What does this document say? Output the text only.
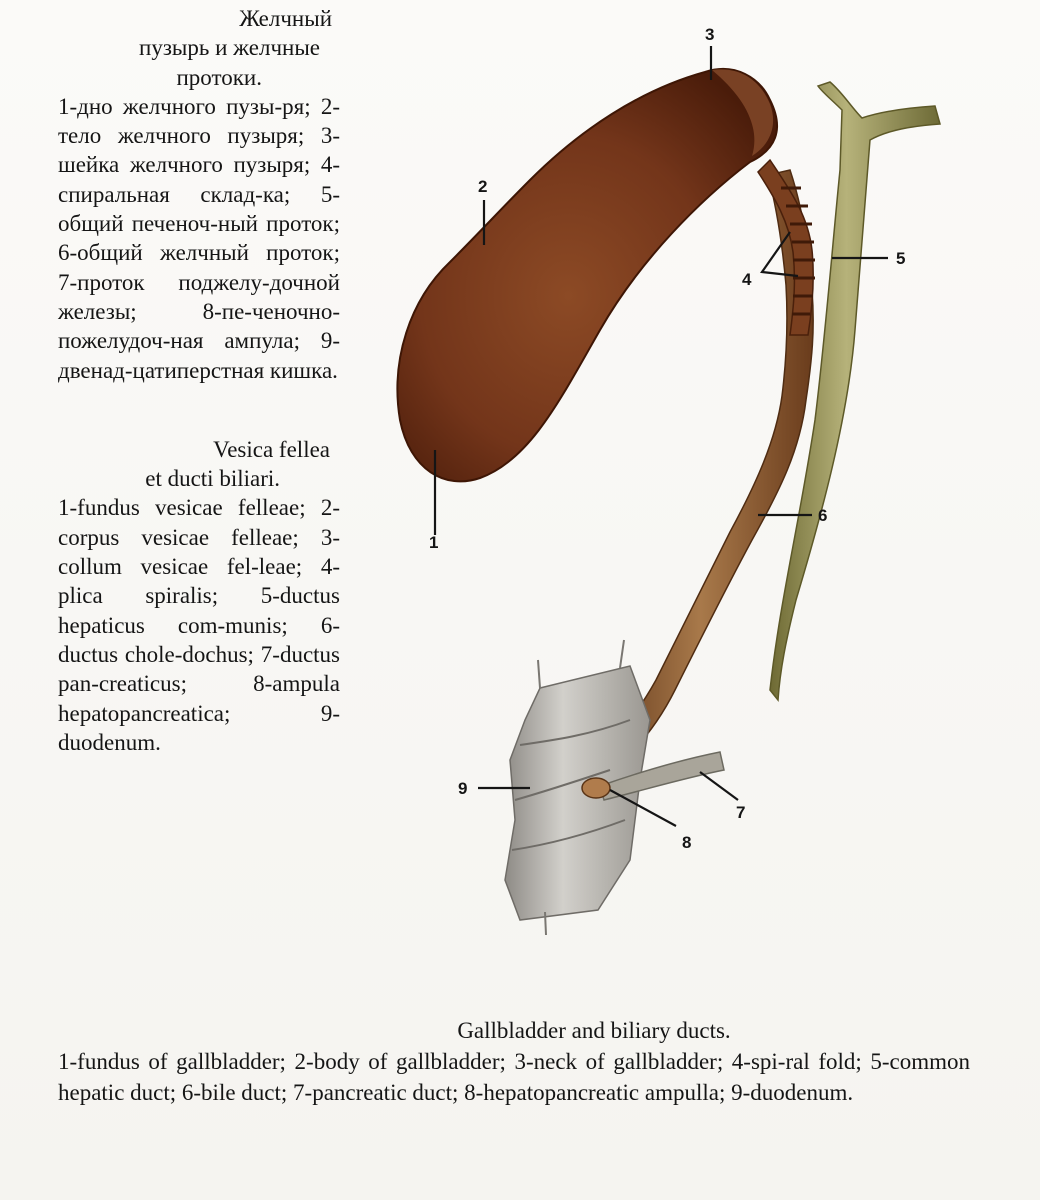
Желчный
пузырь и желчные
протоки.
1-дно желчного пузы-ря; 2-тело желчного пузыря; 3-шейка желчного пузыря; 4-спиральная склад-ка; 5-общий печеноч-ный проток; 6-общий желчный проток; 7-проток поджелу-дочной железы; 8-пе-ченочно-пожелудоч-ная ампула; 9-двенад-цатиперстная кишка.
Vesica fellea
et ducti biliari.
1-fundus vesicae felleae; 2-corpus vesicae felleae; 3-collum vesicae fel-leae; 4-plica spiralis; 5-ductus hepaticus com-munis; 6-ductus chole-dochus; 7-ductus pan-creaticus; 8-ampula hepatopancreatica; 9-duodenum.
1
2
3
4
5
6
7
8
9
Gallbladder and biliary ducts.
1-fundus of gallbladder; 2-body of gallbladder; 3-neck of gallbladder; 4-spi-ral fold; 5-common hepatic duct; 6-bile duct; 7-pancreatic duct; 8-hepatopancreatic ampulla; 9-duodenum.
